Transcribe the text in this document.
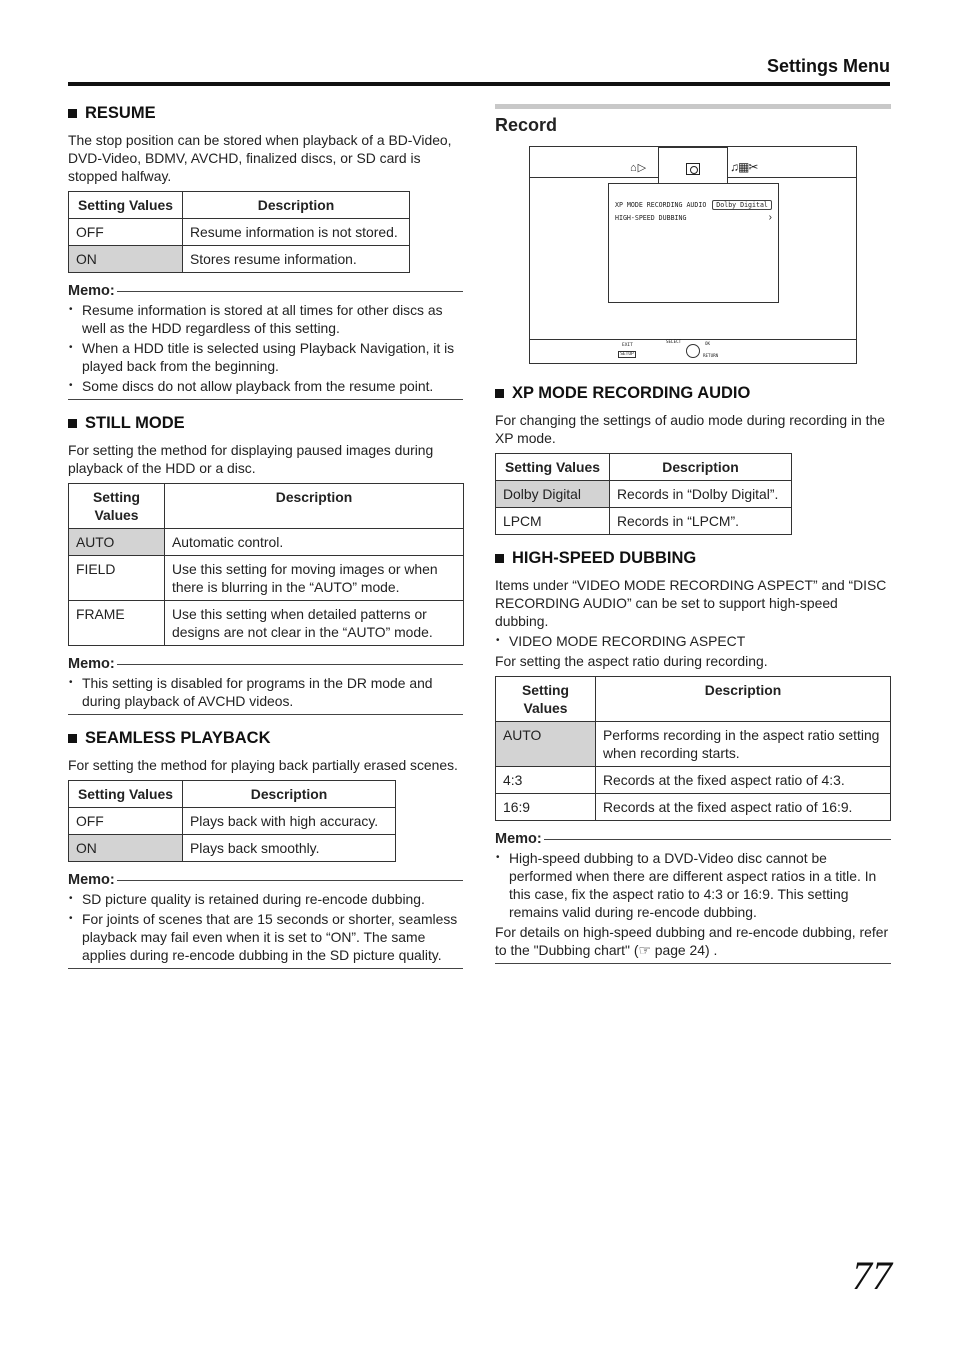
Settings Menu
RESUME

The stop position can be stored when playback of a BD-Video, DVD-Video, BDMV, AVCHD, finalized discs, or SD card is stopped halfway.

Setting Values	Description
OFF	Resume information is not stored.
ON	Stores resume information.
Memo:
• Resume information is stored at all times for other discs as well as the HDD regardless of this setting.
• When a HDD title is selected using Playback Navigation, it is played back from the beginning.
• Some discs do not allow playback from the resume point.
STILL MODE

For setting the method for displaying paused images during playback of the HDD or a disc.

Setting Values	Description
AUTO	Automatic control.
FIELD	Use this setting for moving images or when there is blurring in the “AUTO” mode.
FRAME	Use this setting when detailed patterns or designs are not clear in the “AUTO” mode.
Memo:
• This setting is disabled for programs in the DR mode and during playback of AVCHD videos.
SEAMLESS PLAYBACK

For setting the method for playing back partially erased scenes.

Setting Values	Description
OFF	Plays back with high accuracy.
ON	Plays back smoothly.
Memo:
• SD picture quality is retained during re-encode dubbing.
• For joints of scenes that are 15 seconds or shorter, seamless playback may fail even when it is set to “ON”. The same applies during re-encode dubbing in the SD picture quality.
Record
⌂▷	♫▦✂
XP MODE RECORDING AUDIO Dolby Digital
HIGH-SPEED DUBBING	›
EXIT
SETUP
SELECT	OK
RETURN
XP MODE RECORDING AUDIO

For changing the settings of audio mode during recording in the XP mode.

Setting Values	Description
Dolby Digital	Records in “Dolby Digital”.
LPCM	Records in “LPCM”.
HIGH-SPEED DUBBING

Items under “VIDEO MODE RECORDING ASPECT” and “DISC RECORDING AUDIO” can be set to support high-speed dubbing.

• VIDEO MODE RECORDING ASPECT

For setting the aspect ratio during recording.

Setting Values	Description
AUTO	Performs recording in the aspect ratio setting when recording starts.
4:3	Records at the fixed aspect ratio of 4:3.
16:9	Records at the fixed aspect ratio of 16:9.
Memo:
• High-speed dubbing to a DVD-Video disc cannot be performed when there are different aspect ratios in a title. In this case, fix the aspect ratio to 4:3 or 16:9. This setting remains valid during re-encode dubbing.

For details on high-speed dubbing and re-encode dubbing, refer to the "Dubbing chart" (☞ page 24) .

77
